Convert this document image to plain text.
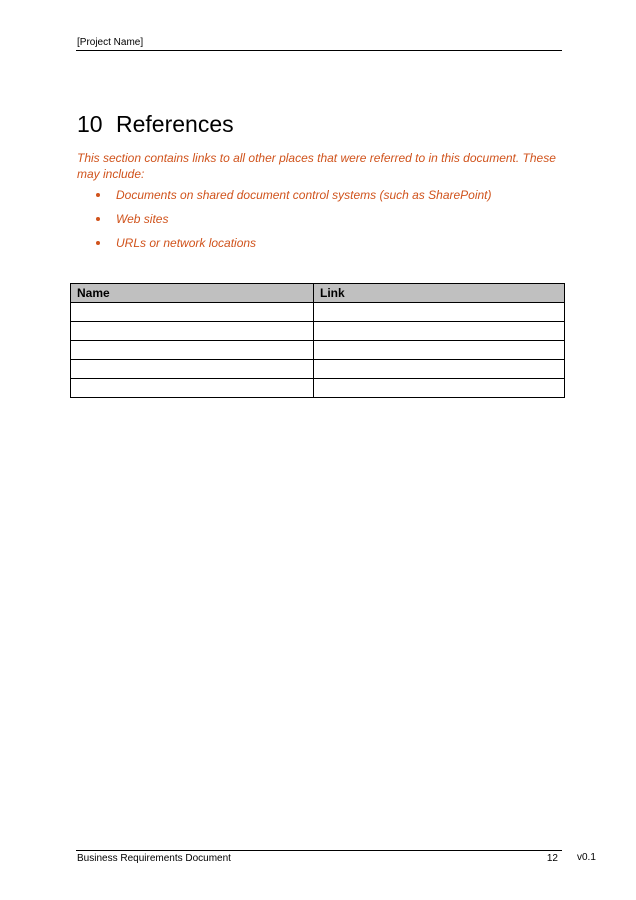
[Project Name]
10 References

This section contains links to all other places that were referred to in this document. These may include:

Documents on shared document control systems (such as SharePoint)
Web sites
URLs or network locations
Name	Link

Business Requirements Document	12 v0.1
